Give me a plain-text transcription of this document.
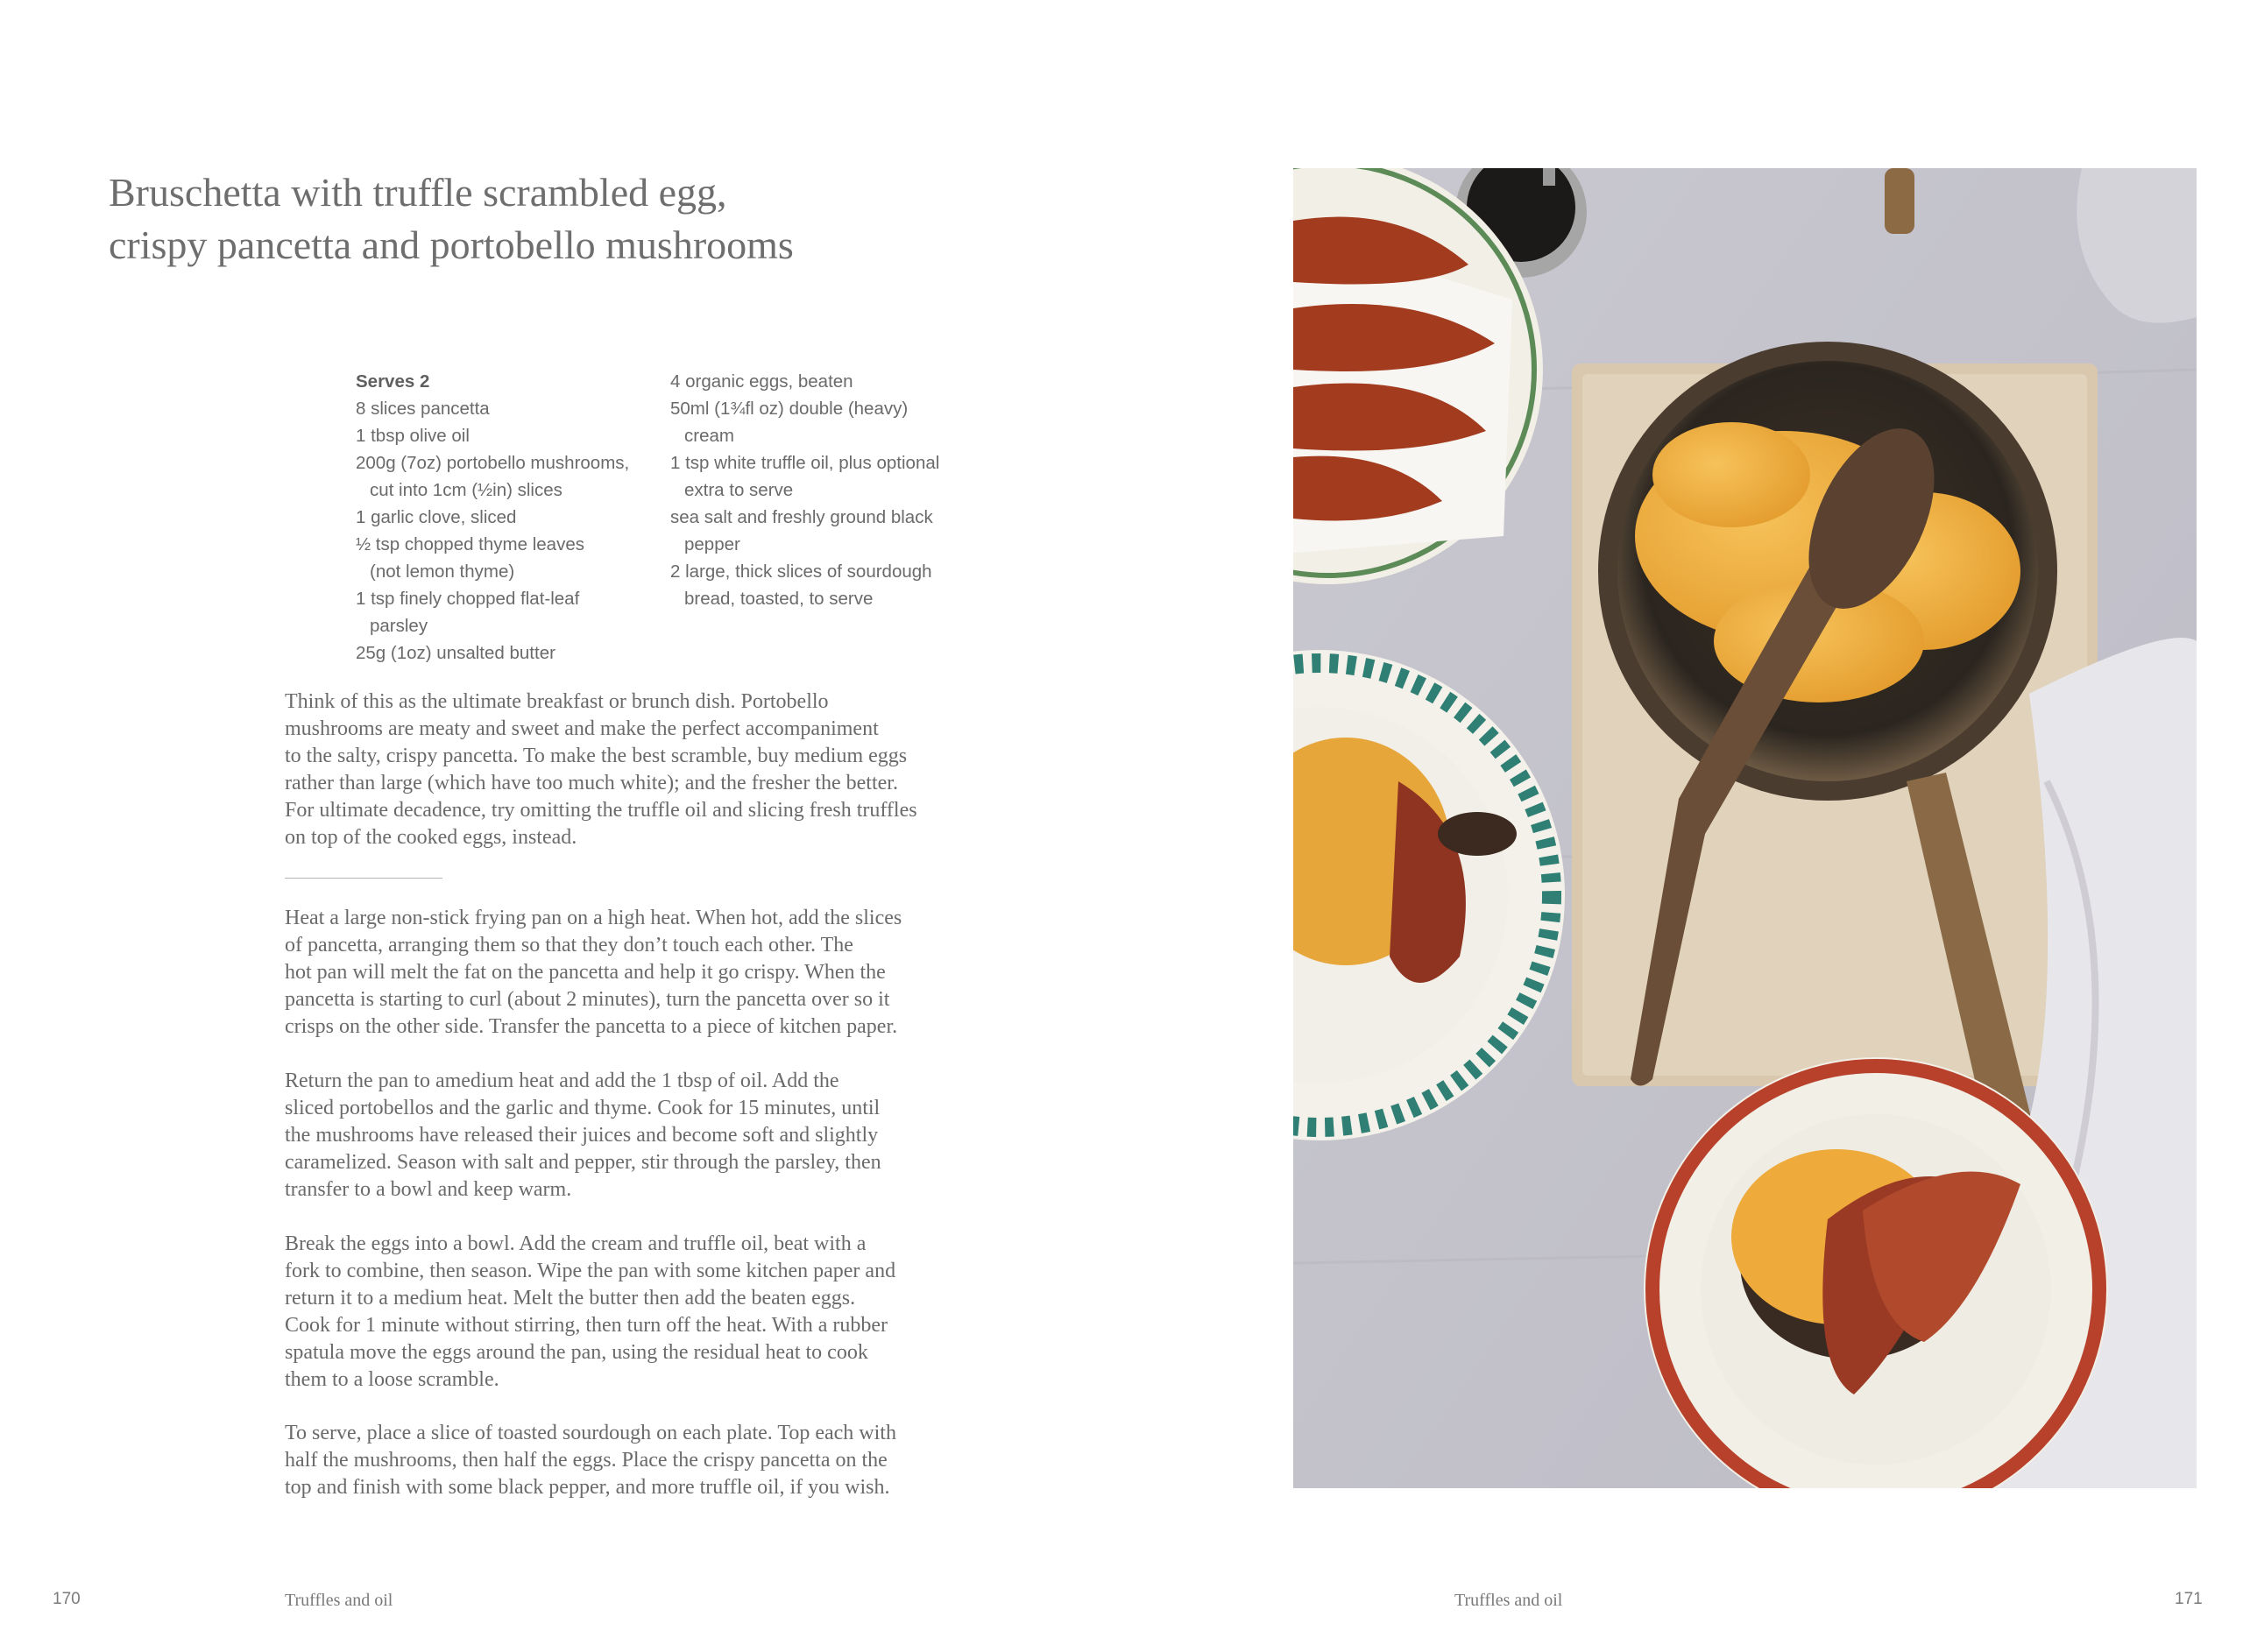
Bruschetta with truffle scrambled egg,
crispy pancetta and portobello mushrooms
Serves 2
8 slices pancetta
1 tbsp olive oil
200g (7oz) portobello mushrooms,
cut into 1cm (½in) slices
1 garlic clove, sliced
½ tsp chopped thyme leaves
(not lemon thyme)
1 tsp finely chopped flat-leaf
parsley
25g (1oz) unsalted butter
4 organic eggs, beaten
50ml (1¾fl oz) double (heavy)
cream
1 tsp white truffle oil, plus optional
extra to serve
sea salt and freshly ground black
pepper
2 large, thick slices of sourdough
bread, toasted, to serve
Think of this as the ultimate breakfast or brunch dish. Portobello
mushrooms are meaty and sweet and make the perfect accompaniment
to the salty, crispy pancetta. To make the best scramble, buy medium eggs
rather than large (which have too much white); and the fresher the better.
For ultimate decadence, try omitting the truffle oil and slicing fresh truffles
on top of the cooked eggs, instead.
Heat a large non-stick frying pan on a high heat. When hot, add the slices
of pancetta, arranging them so that they don’t touch each other. The
hot pan will melt the fat on the pancetta and help it go crispy. When the
pancetta is starting to curl (about 2 minutes), turn the pancetta over so it
crisps on the other side. Transfer the pancetta to a piece of kitchen paper.
Return the pan to amedium heat and add the 1 tbsp of oil. Add the
sliced portobellos and the garlic and thyme. Cook for 15 minutes, until
the mushrooms have released their juices and become soft and slightly
caramelized. Season with salt and pepper, stir through the parsley, then
transfer to a bowl and keep warm.
Break the eggs into a bowl. Add the cream and truffle oil, beat with a
fork to combine, then season. Wipe the pan with some kitchen paper and
return it to a medium heat. Melt the butter then add the beaten eggs.
Cook for 1 minute without stirring, then turn off the heat. With a rubber
spatula move the eggs around the pan, using the residual heat to cook
them to a loose scramble.
To serve, place a slice of toasted sourdough on each plate. Top each with
half the mushrooms, then half the eggs. Place the crispy pancetta on the
top and finish with some black pepper, and more truffle oil, if you wish.
170	Truffles and oil	Truffles and oil	171
